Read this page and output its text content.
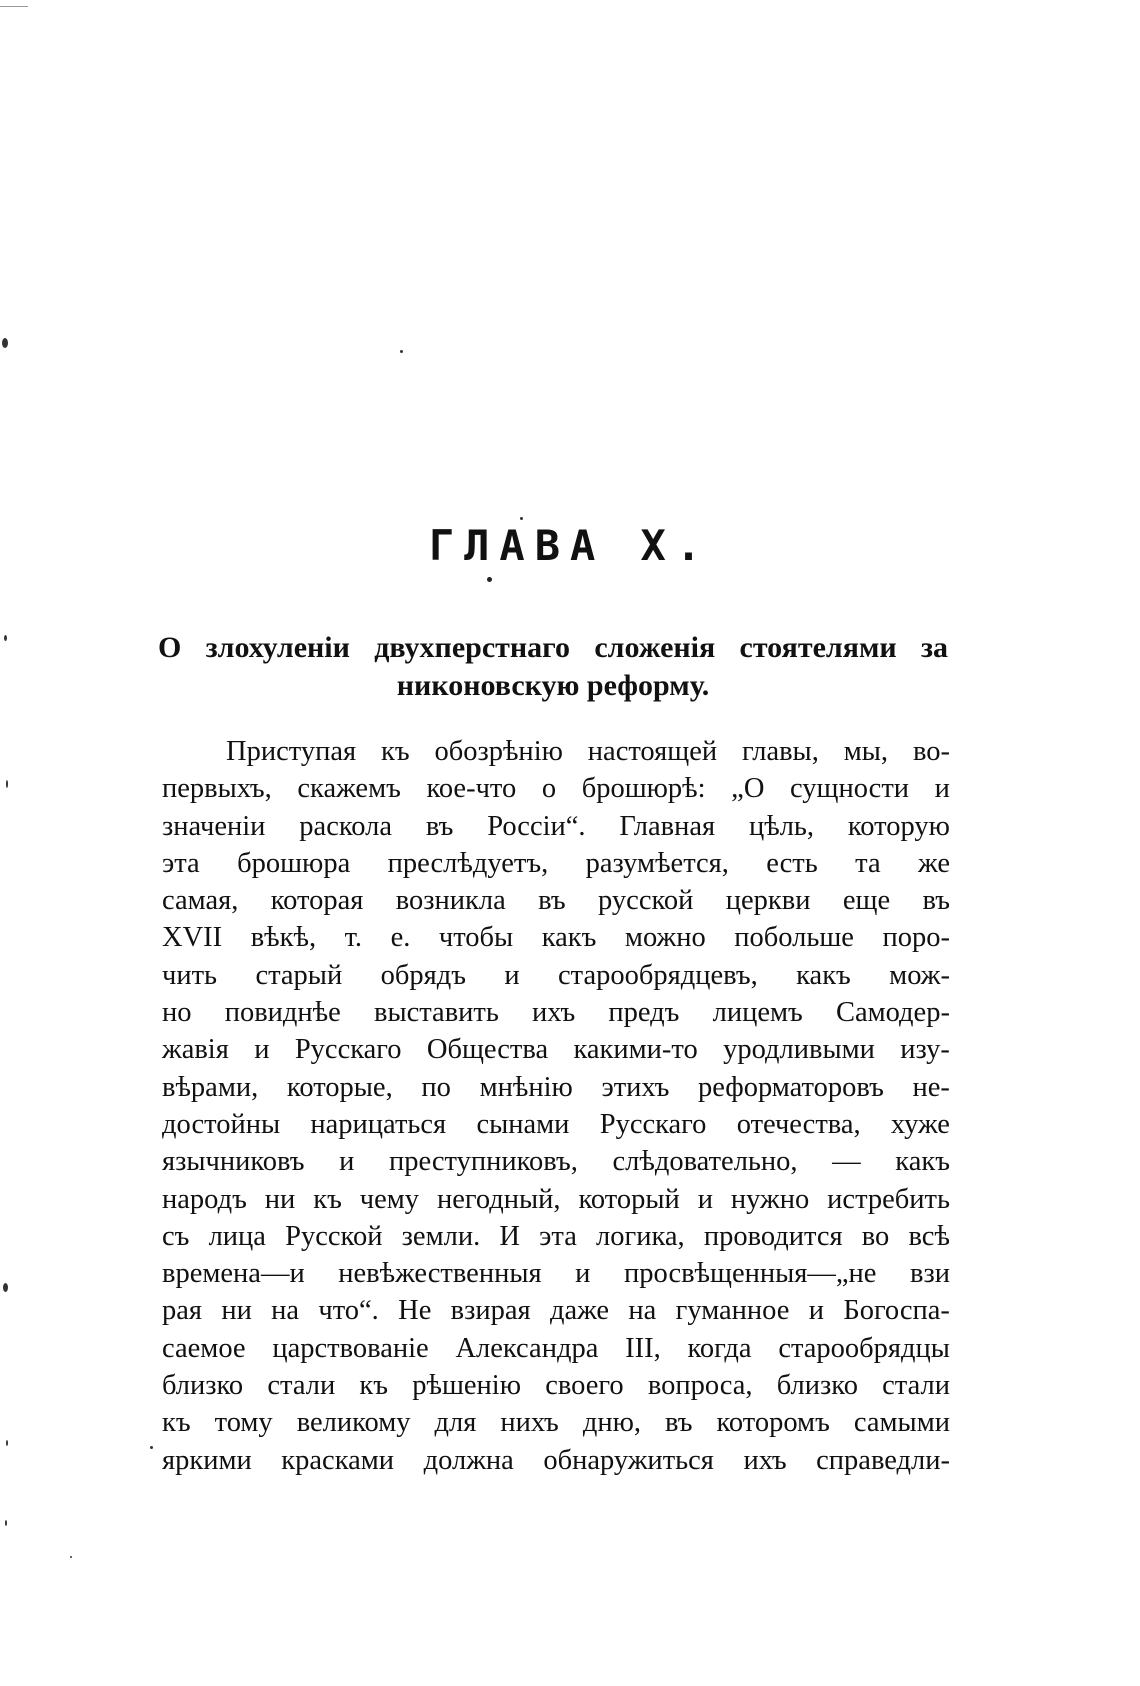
ГЛАВА X.
О злохуленіи двухперстнаго сложенія стоятелями за
никоновскую реформу.
Приступая къ обозрѣнію настоящей главы, мы, во-
первыхъ, скажемъ кое-что о брошюрѣ: „О сущности и
значеніи раскола въ Россіи“. Главная цѣль, которую
эта брошюра преслѣдуетъ, разумѣется, есть та же
самая, которая возникла въ русской церкви еще въ
XVII вѣкѣ, т. е. чтобы какъ можно побольше поро-
чить старый обрядъ и старообрядцевъ, какъ мож-
но повиднѣе выставить ихъ предъ лицемъ Самодер-
жавія и Русскаго Общества какими-то уродливыми изу-
вѣрами, которые, по мнѣнію этихъ реформаторовъ не-
достойны нарицаться сынами Русскаго отечества, хуже
язычниковъ и преступниковъ, слѣдовательно, — какъ
народъ ни къ чему негодный, который и нужно истребить
съ лица Русской земли. И эта логика, проводится во всѣ
времена—и невѣжественныя и просвѣщенныя—„не взи
рая ни на что“. Не взирая даже на гуманное и Богоспа-
саемое царствованіе Александра III, когда старообрядцы
близко стали къ рѣшенію своего вопроса, близко стали
къ тому великому для нихъ дню, въ которомъ самыми
яркими красками должна обнаружиться ихъ справедли-
